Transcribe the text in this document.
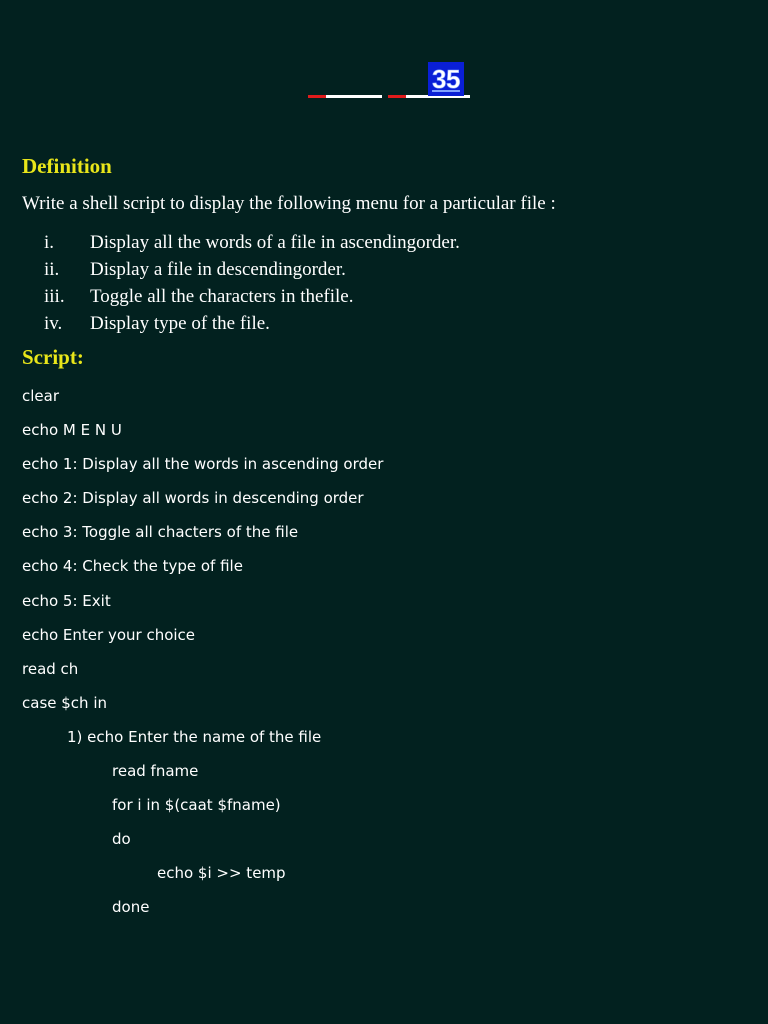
35
Definition

Write a shell script to display the following menu for a particular file :

i.	Display all the words of a file in ascendingorder.
ii.	Display a file in descendingorder.
iii.	Toggle all the characters in thefile.
iv.	Display type of the file.
Script:
clear
echo M E N U
echo 1: Display all the words in ascending order
echo 2: Display all words in descending order
echo 3: Toggle all chacters of the file
echo 4: Check the type of file
echo 5: Exit
echo Enter your choice
read ch
case $ch in
1) echo Enter the name of the file
read fname
for i in $(caat $fname)
do
echo $i >> temp
done
